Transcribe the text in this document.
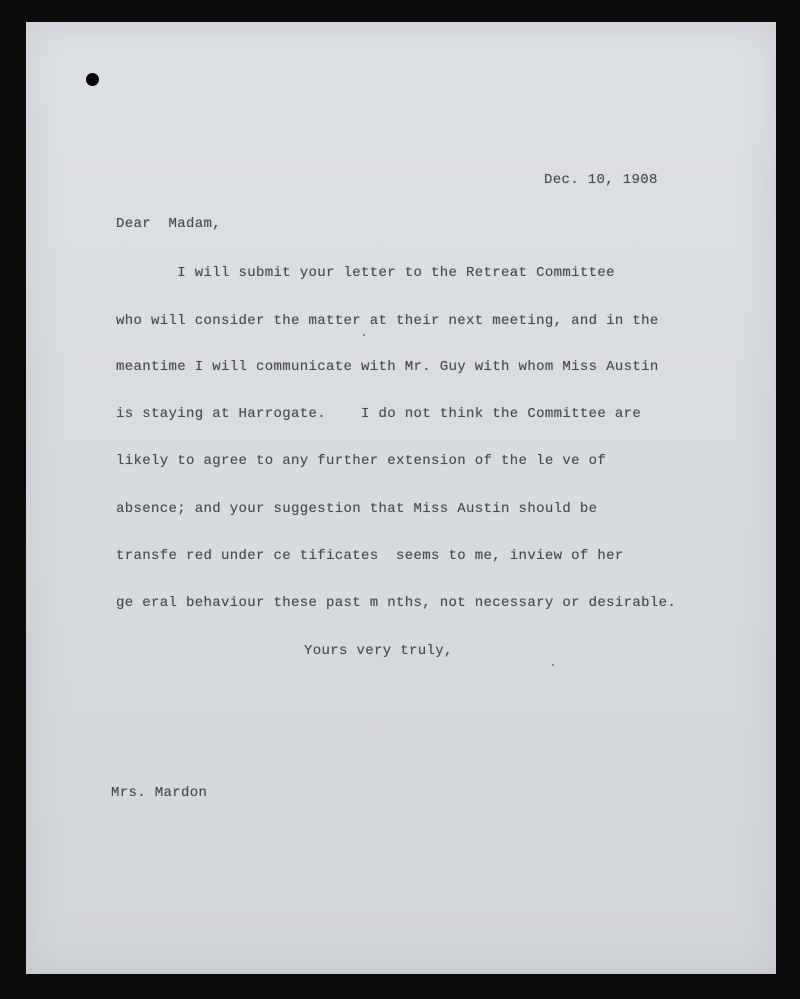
Dec. 10, 1908
Dear  Madam,
I will submit your letter to the Retreat Committee
who will consider the matter at their next meeting, and in the
meantime I will communicate with Mr. Guy with whom Miss Austin
is staying at Harrogate.    I do not think the Committee are
likely to agree to any further extension of the le ve of
absence; and your suggestion that Miss Austin should be
transfe red under ce tificates  seems to me, inview of her
ge eral behaviour these past m nths, not necessary or desirable.
Yours very truly,
Mrs. Mardon
